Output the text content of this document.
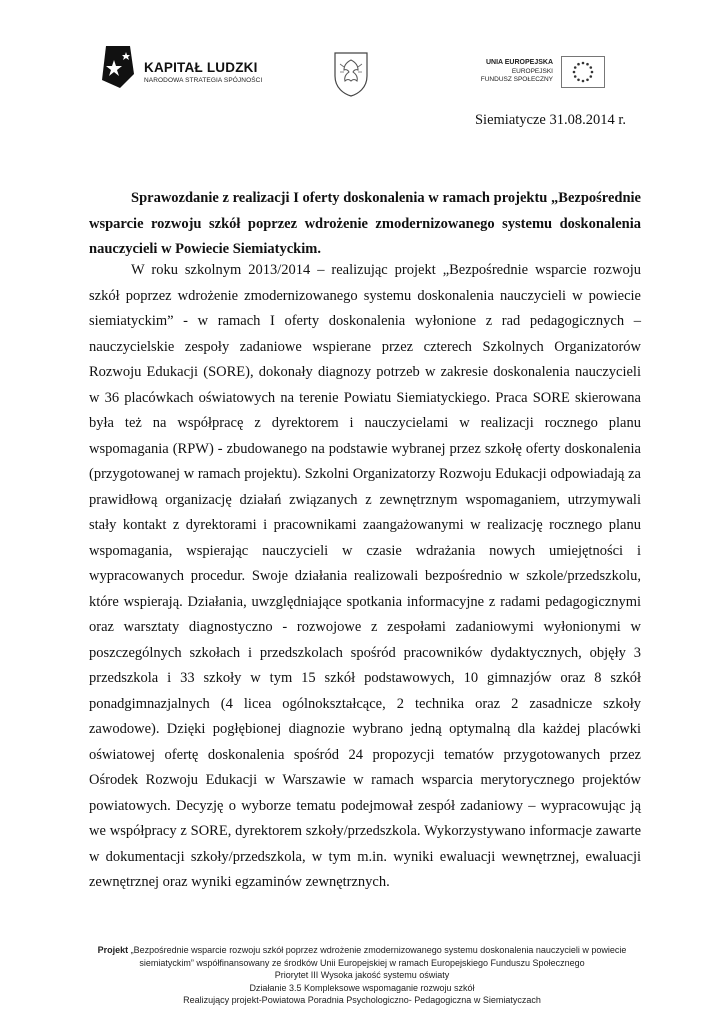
KAPITAŁ LUDZKI
NARODOWA STRATEGIA SPÓJNOŚCI
UNIA EUROPEJSKA
EUROPEJSKI
FUNDUSZ SPOŁECZNY
Siemiatycze 31.08.2014 r.
Sprawozdanie z realizacji I oferty doskonalenia w ramach projektu „Bezpośrednie wsparcie rozwoju szkół poprzez wdrożenie zmodernizowanego systemu doskonalenia nauczycieli w Powiecie Siemiatyckim.
W roku szkolnym 2013/2014 – realizując projekt „Bezpośrednie wsparcie rozwoju szkół poprzez wdrożenie zmodernizowanego systemu doskonalenia nauczycieli w powiecie siemiatyckim” - w ramach I oferty doskonalenia wyłonione z rad pedagogicznych – nauczycielskie zespoły zadaniowe wspierane przez czterech Szkolnych Organizatorów Rozwoju Edukacji (SORE), dokonały diagnozy potrzeb w zakresie doskonalenia nauczycieli w 36 placówkach oświatowych na terenie Powiatu Siemiatyckiego. Praca SORE skierowana była też na współpracę z dyrektorem i nauczycielami w realizacji rocznego planu wspomagania (RPW) - zbudowanego na podstawie wybranej przez szkołę oferty doskonalenia (przygotowanej w ramach projektu). Szkolni Organizatorzy Rozwoju Edukacji odpowiadają za prawidłową organizację działań związanych z zewnętrznym wspomaganiem, utrzymywali stały kontakt z dyrektorami i pracownikami zaangażowanymi w realizację rocznego planu wspomagania, wspierając nauczycieli w czasie wdrażania nowych umiejętności i wypracowanych procedur. Swoje działania realizowali bezpośrednio w szkole/przedszkolu, które wspierają. Działania, uwzględniające spotkania informacyjne z radami pedagogicznymi oraz warsztaty diagnostyczno - rozwojowe z zespołami zadaniowymi wyłonionymi w poszczególnych szkołach i przedszkolach spośród pracowników dydaktycznych, objęły 3 przedszkola i 33 szkoły w tym 15 szkół podstawowych, 10 gimnazjów oraz 8 szkół ponadgimnazjalnych (4 licea ogólnokształcące, 2 technika oraz 2 zasadnicze szkoły zawodowe). Dzięki pogłębionej diagnozie wybrano jedną optymalną dla każdej placówki oświatowej ofertę doskonalenia spośród 24 propozycji tematów przygotowanych przez Ośrodek Rozwoju Edukacji w Warszawie w ramach wsparcia merytorycznego projektów powiatowych. Decyzję o wyborze tematu podejmował zespół zadaniowy – wypracowując ją we współpracy z SORE, dyrektorem szkoły/przedszkola. Wykorzystywano informacje zawarte w dokumentacji szkoły/przedszkola, w tym m.in. wyniki ewaluacji wewnętrznej, ewaluacji zewnętrznej oraz wyniki egzaminów zewnętrznych.
Projekt „Bezpośrednie wsparcie rozwoju szkół poprzez wdrożenie zmodernizowanego systemu doskonalenia nauczycieli w powiecie siemiatyckim” współfinansowany ze środków Unii Europejskiej w ramach Europejskiego Funduszu Społecznego
Priorytet III Wysoka jakość systemu oświaty
Działanie 3.5 Kompleksowe wspomaganie rozwoju szkół
Realizujący projekt-Powiatowa Poradnia Psychologiczno- Pedagogiczna w Siemiatyczach
